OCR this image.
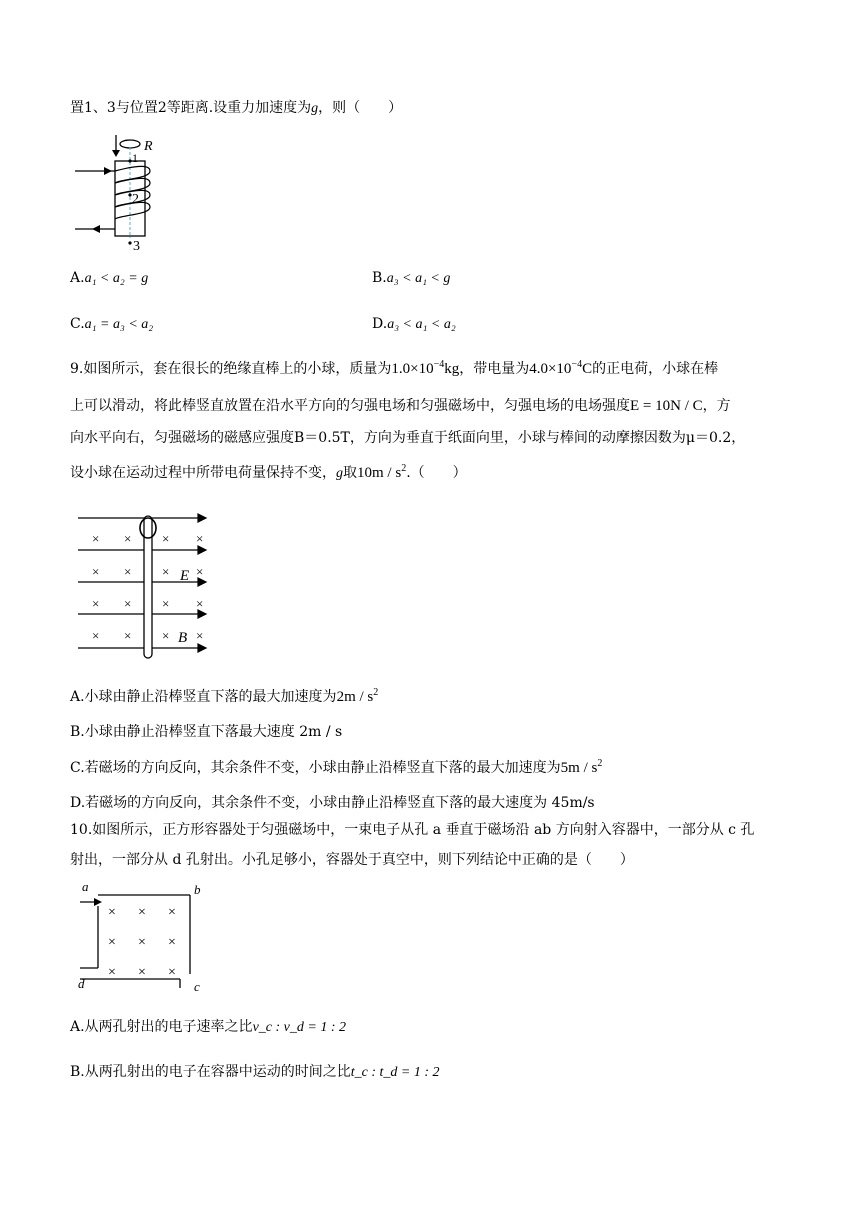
置1、3与位置2等距离.设重力加速度为g，则（　　）
R
1
2
3
A.a₁ < a₂ = g	B.a₃ < a₁ < g
C.a₁ = a₃ < a₂	D.a₃ < a₁ < a₂
9.如图所示，套在很长的绝缘直棒上的小球，质量为$1.0\times 10^{-4}kg$，带电量为$4.0\times 10^{-4}C$的正电荷，小球在棒
上可以滑动，将此棒竖直放置在沿水平方向的匀强电场和匀强磁场中，匀强电场的电场强度E = 10N / C，方
向水平向右，匀强磁场的磁感应强度B＝0.5T，方向为垂直于纸面向里，小球与棒间的动摩擦因数为μ＝0.2，
设小球在运动过程中所带电荷量保持不变，g取$10m / s^2$.（　　）
× × × ×
× × × ×
× × × ×
× × × ×
E
B
A.小球由静止沿棒竖直下落的最大加速度为$2m / s^2$
B.小球由静止沿棒竖直下落最大速度 2m / s
C.若磁场的方向反向，其余条件不变，小球由静止沿棒竖直下落的最大加速度为$5m / s^2$
D.若磁场的方向反向，其余条件不变，小球由静止沿棒竖直下落的最大速度为 45m/s
10.如图所示，正方形容器处于匀强磁场中，一束电子从孔 a 垂直于磁场沿 ab 方向射入容器中，一部分从 c 孔
射出，一部分从 d 孔射出。小孔足够小，容器处于真空中，则下列结论中正确的是（　　）
× × ×
× × ×
× × ×
a	b
c
d
A.从两孔射出的电子速率之比v_c : v_d = 1 : 2
B.从两孔射出的电子在容器中运动的时间之比t_c : t_d = 1 : 2
